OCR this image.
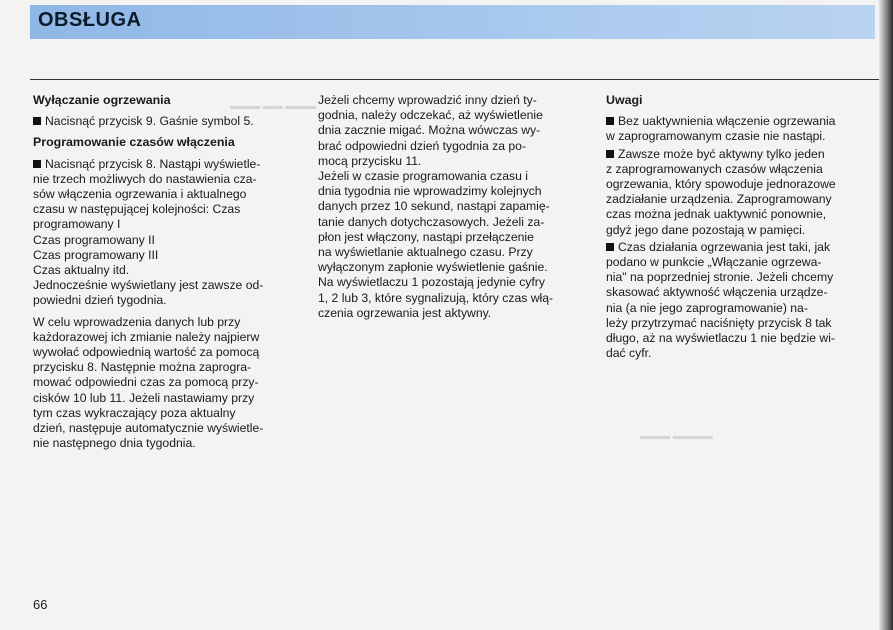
OBSŁUGA
▬▬▬ ▬▬ ▬▬▬
▬▬▬▬ ▬▬▬
Wyłączanie ogrzewania

Nacisnąć przycisk 9. Gaśnie symbol 5.

Programowanie czasów włączenia

Nacisnąć przycisk 8. Nastąpi wyświetle-
nie trzech możliwych do nastawienia cza-
sów włączenia ogrzewania i aktualnego
czasu w następującej kolejności: Czas
programowany I
Czas programowany II
Czas programowany III
Czas aktualny itd.
Jednocześnie wyświetlany jest zawsze od-
powiedni dzień tygodnia.

W celu wprowadzenia danych lub przy
każdorazowej ich zmianie należy najpierw
wywołać odpowiednią wartość za pomocą
przycisku 8. Następnie można zaprogra-
mować odpowiedni czas za pomocą przy-
cisków 10 lub 11. Jeżeli nastawiamy przy
tym czas wykraczający poza aktualny
dzień, następuje automatycznie wyświetle-
nie następnego dnia tygodnia.

Jeżeli chcemy wprowadzić inny dzień ty-
godnia, należy odczekać, aż wyświetlenie
dnia zacznie migać. Można wówczas wy-
brać odpowiedni dzień tygodnia za po-
mocą przycisku 11.
Jeżeli w czasie programowania czasu i
dnia tygodnia nie wprowadzimy kolejnych
danych przez 10 sekund, nastąpi zapamię-
tanie danych dotychczasowych. Jeżeli za-
płon jest włączony, nastąpi przełączenie
na wyświetlanie aktualnego czasu. Przy
wyłączonym zapłonie wyświetlenie gaśnie.
Na wyświetlaczu 1 pozostają jedynie cyfry
1, 2 lub 3, które sygnalizują, który czas włą-
czenia ogrzewania jest aktywny.

Uwagi

Bez uaktywnienia włączenie ogrzewania
w zaprogramowanym czasie nie nastąpi.

Zawsze może być aktywny tylko jeden
z zaprogramowanych czasów włączenia
ogrzewania, który spowoduje jednorazowe
zadziałanie urządzenia. Zaprogramowany
czas można jednak uaktywnić ponownie,
gdyż jego dane pozostają w pamięci.

Czas działania ogrzewania jest taki, jak
podano w punkcie „Włączanie ogrzewa-
nia" na poprzedniej stronie. Jeżeli chcemy
skasować aktywność włączenia urządze-
nia (a nie jego zaprogramowanie) na-
leży przytrzymać naciśnięty przycisk 8 tak
długo, aż na wyświetlaczu 1 nie będzie wi-
dać cyfr.

66
